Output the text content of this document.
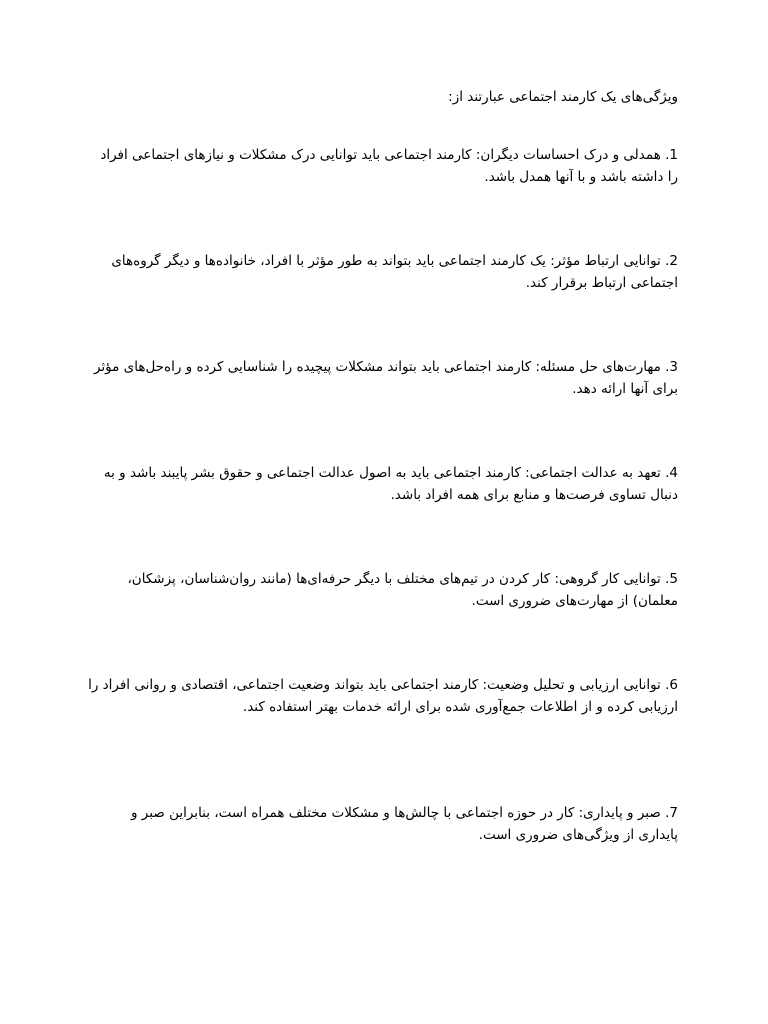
ویژگی‌های یک کارمند اجتماعی عبارتند از:

1. همدلی و درک احساسات دیگران: کارمند اجتماعی باید توانایی درک مشکلات و نیازهای اجتماعی افراد را داشته باشد و با آنها همدل باشد.

2. توانایی ارتباط مؤثر: یک کارمند اجتماعی باید بتواند به طور مؤثر با افراد، خانواده‌ها و دیگر گروه‌های اجتماعی ارتباط برقرار کند.

3. مهارت‌های حل مسئله: کارمند اجتماعی باید بتواند مشکلات پیچیده را شناسایی کرده و راه‌حل‌های مؤثر برای آنها ارائه دهد.

4. تعهد به عدالت اجتماعی: کارمند اجتماعی باید به اصول عدالت اجتماعی و حقوق بشر پایبند باشد و به دنبال تساوی فرصت‌ها و منابع برای همه افراد باشد.

5. توانایی کار گروهی: کار کردن در تیم‌های مختلف با دیگر حرفه‌ای‌ها (مانند روان‌شناسان، پزشکان، معلمان) از مهارت‌های ضروری است.

6. توانایی ارزیابی و تحلیل وضعیت: کارمند اجتماعی باید بتواند وضعیت اجتماعی، اقتصادی و روانی افراد را ارزیابی کرده و از اطلاعات جمع‌آوری شده برای ارائه خدمات بهتر استفاده کند.

7. صبر و پایداری: کار در حوزه اجتماعی با چالش‌ها و مشکلات مختلف همراه است، بنابراین صبر و پایداری از ویژگی‌های ضروری است.
